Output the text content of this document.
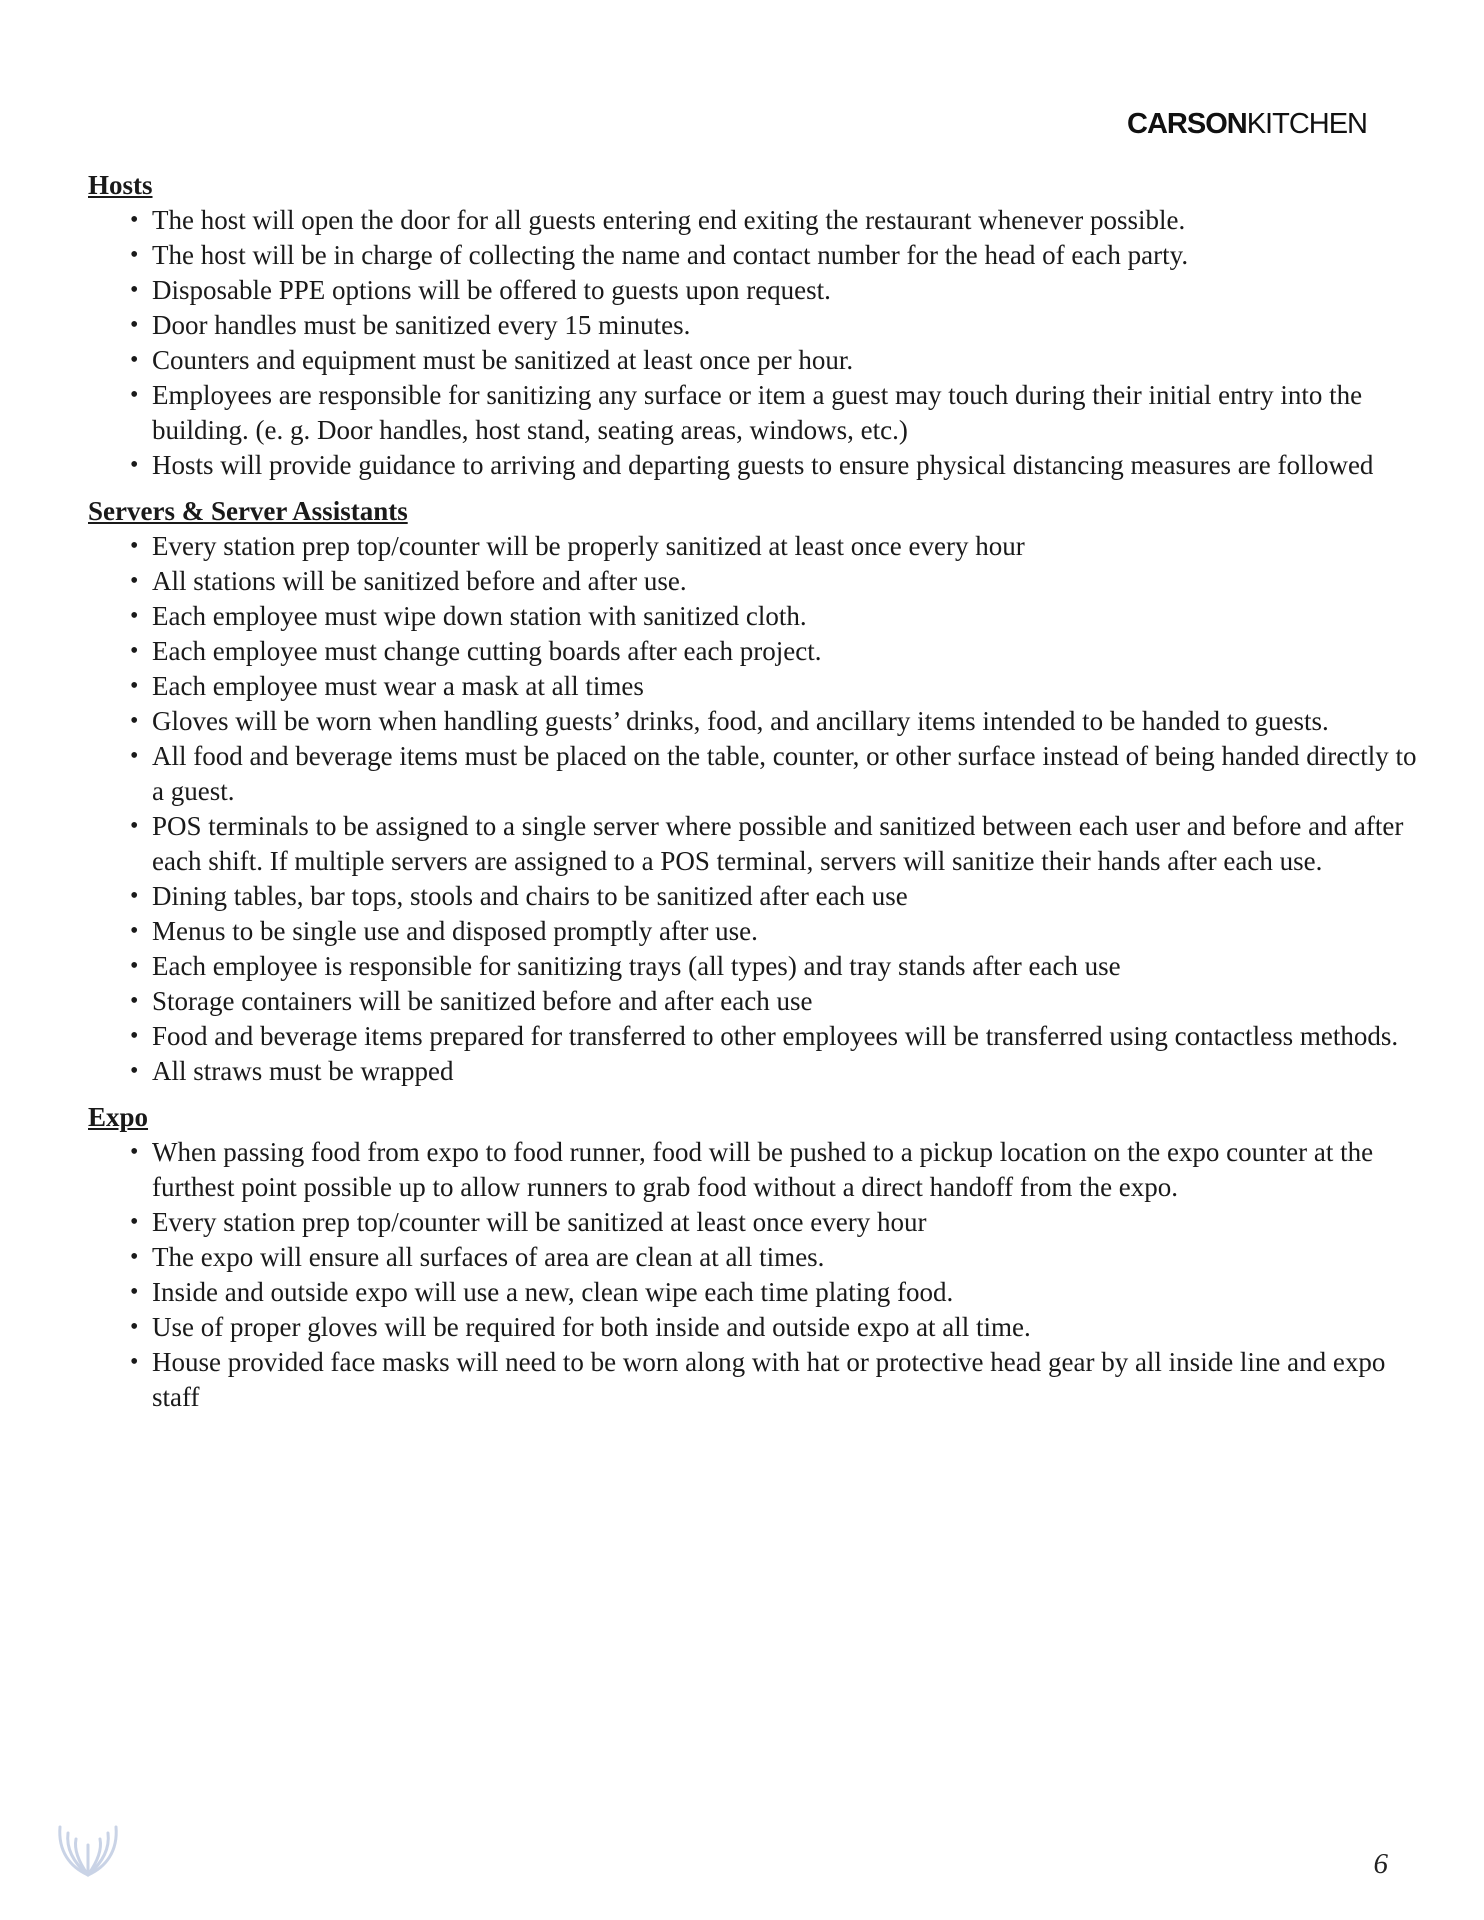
CARSONKITCHEN
Hosts
• The host will open the door for all guests entering end exiting the restaurant whenever possible.
• The host will be in charge of collecting the name and contact number for the head of each party.
• Disposable PPE options will be offered to guests upon request.
• Door handles must be sanitized every 15 minutes.
• Counters and equipment must be sanitized at least once per hour.
• Employees are responsible for sanitizing any surface or item a guest may touch during their initial entry into the building. (e. g. Door handles, host stand, seating areas, windows, etc.)
• Hosts will provide guidance to arriving and departing guests to ensure physical distancing measures are followed
Servers & Server Assistants
• Every station prep top/counter will be properly sanitized at least once every hour
• All stations will be sanitized before and after use.
• Each employee must wipe down station with sanitized cloth.
• Each employee must change cutting boards after each project.
• Each employee must wear a mask at all times
• Gloves will be worn when handling guests’ drinks, food, and ancillary items intended to be handed to guests.
• All food and beverage items must be placed on the table, counter, or other surface instead of being handed directly to a guest.
• POS terminals to be assigned to a single server where possible and sanitized between each user and before and after each shift. If multiple servers are assigned to a POS terminal, servers will sanitize their hands after each use.
• Dining tables, bar tops, stools and chairs to be sanitized after each use
• Menus to be single use and disposed promptly after use.
• Each employee is responsible for sanitizing trays (all types) and tray stands after each use
• Storage containers will be sanitized before and after each use
• Food and beverage items prepared for transferred to other employees will be transferred using contactless methods.
• All straws must be wrapped
Expo
• When passing food from expo to food runner, food will be pushed to a pickup location on the expo counter at the furthest point possible up to allow runners to grab food without a direct handoff from the expo.
• Every station prep top/counter will be sanitized at least once every hour
• The expo will ensure all surfaces of area are clean at all times.
• Inside and outside expo will use a new, clean wipe each time plating food.
• Use of proper gloves will be required for both inside and outside expo at all time.
• House provided face masks will need to be worn along with hat or protective head gear by all inside line and expo staff
6
